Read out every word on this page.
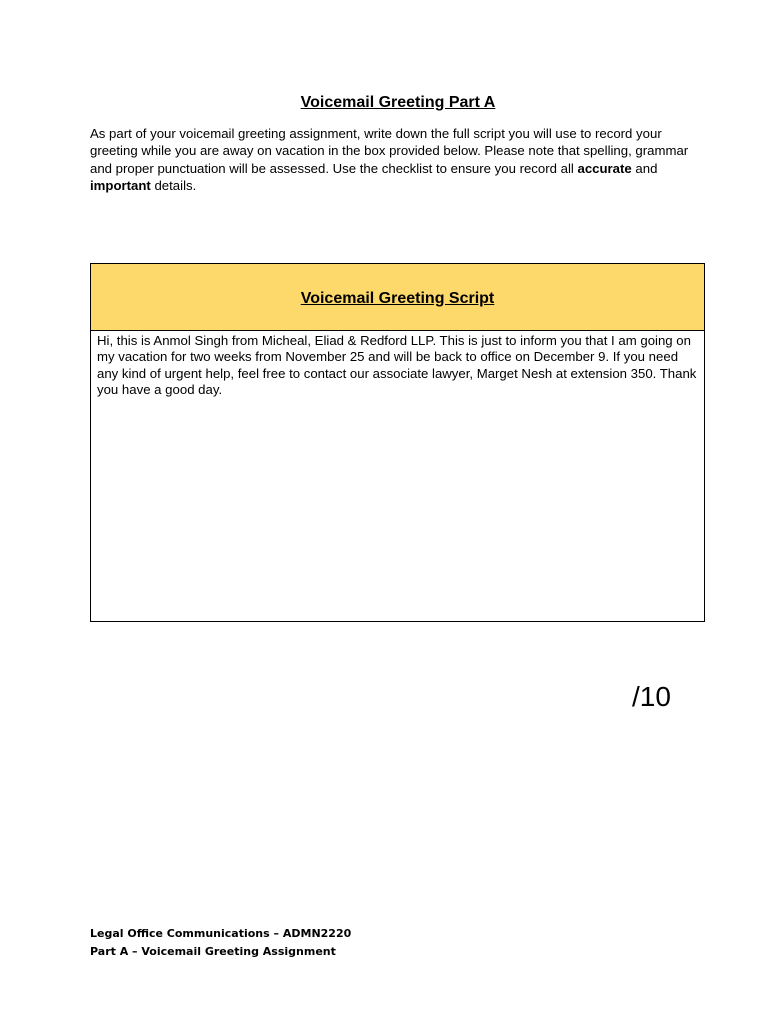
Voicemail Greeting Part A

As part of your voicemail greeting assignment, write down the full script you will use to record your greeting while you are away on vacation in the box provided below. Please note that spelling, grammar and proper punctuation will be assessed. Use the checklist to ensure you record all accurate and important details.

Voicemail Greeting Script

Hi, this is Anmol Singh from Micheal, Eliad & Redford LLP. This is just to inform you that I am going on my vacation for two weeks from November 25 and will be back to office on December 9. If you need any kind of urgent help, feel free to contact our associate lawyer, Marget Nesh at extension 350. Thank you have a good day.

/10
Legal Office Communications – ADMN2220
Part A – Voicemail Greeting Assignment
